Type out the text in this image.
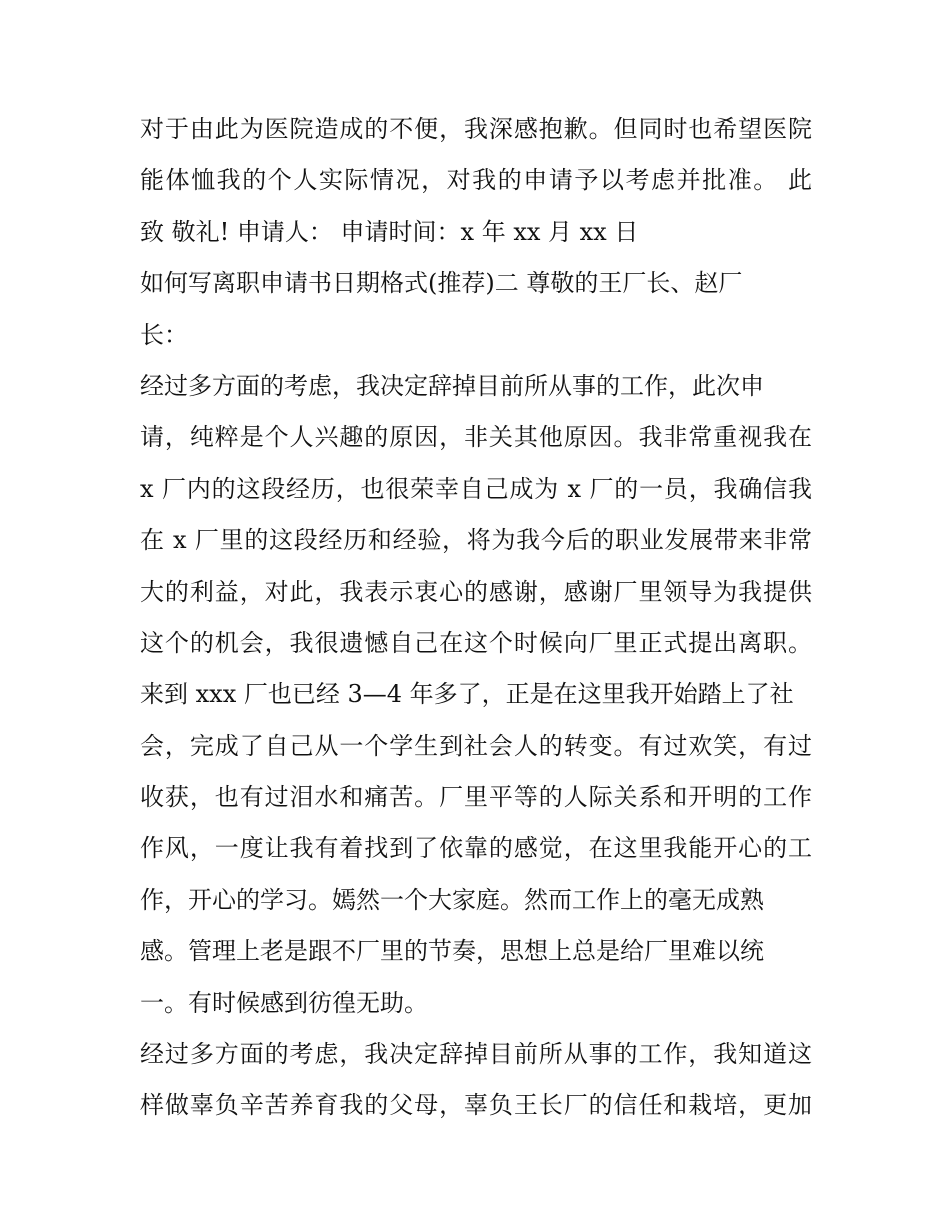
对于由此为医院造成的不便，我深感抱歉。但同时也希望医院
能体恤我的个人实际情况，对我的申请予以考虑并批准。 此
致 敬礼! 申请人： 申请时间：x 年 xx 月 xx 日
如何写离职申请书日期格式(推荐)二 尊敬的王厂长、赵厂
长：
经过多方面的考虑，我决定辞掉目前所从事的工作，此次申
请，纯粹是个人兴趣的原因，非关其他原因。我非常重视我在
x 厂内的这段经历，也很荣幸自己成为 x 厂的一员，我确信我
在 x 厂里的这段经历和经验，将为我今后的职业发展带来非常
大的利益，对此，我表示衷心的感谢，感谢厂里领导为我提供
这个的机会，我很遗憾自己在这个时候向厂里正式提出离职。
来到 xxx 厂也已经 3—4 年多了，正是在这里我开始踏上了社
会，完成了自己从一个学生到社会人的转变。有过欢笑，有过
收获，也有过泪水和痛苦。厂里平等的人际关系和开明的工作
作风，一度让我有着找到了依靠的感觉，在这里我能开心的工
作，开心的学习。嫣然一个大家庭。然而工作上的毫无成熟
感。管理上老是跟不厂里的节奏，思想上总是给厂里难以统
一。有时候感到彷徨无助。
经过多方面的考虑，我决定辞掉目前所从事的工作，我知道这
样做辜负辛苦养育我的父母，辜负王长厂的信任和栽培，更加
